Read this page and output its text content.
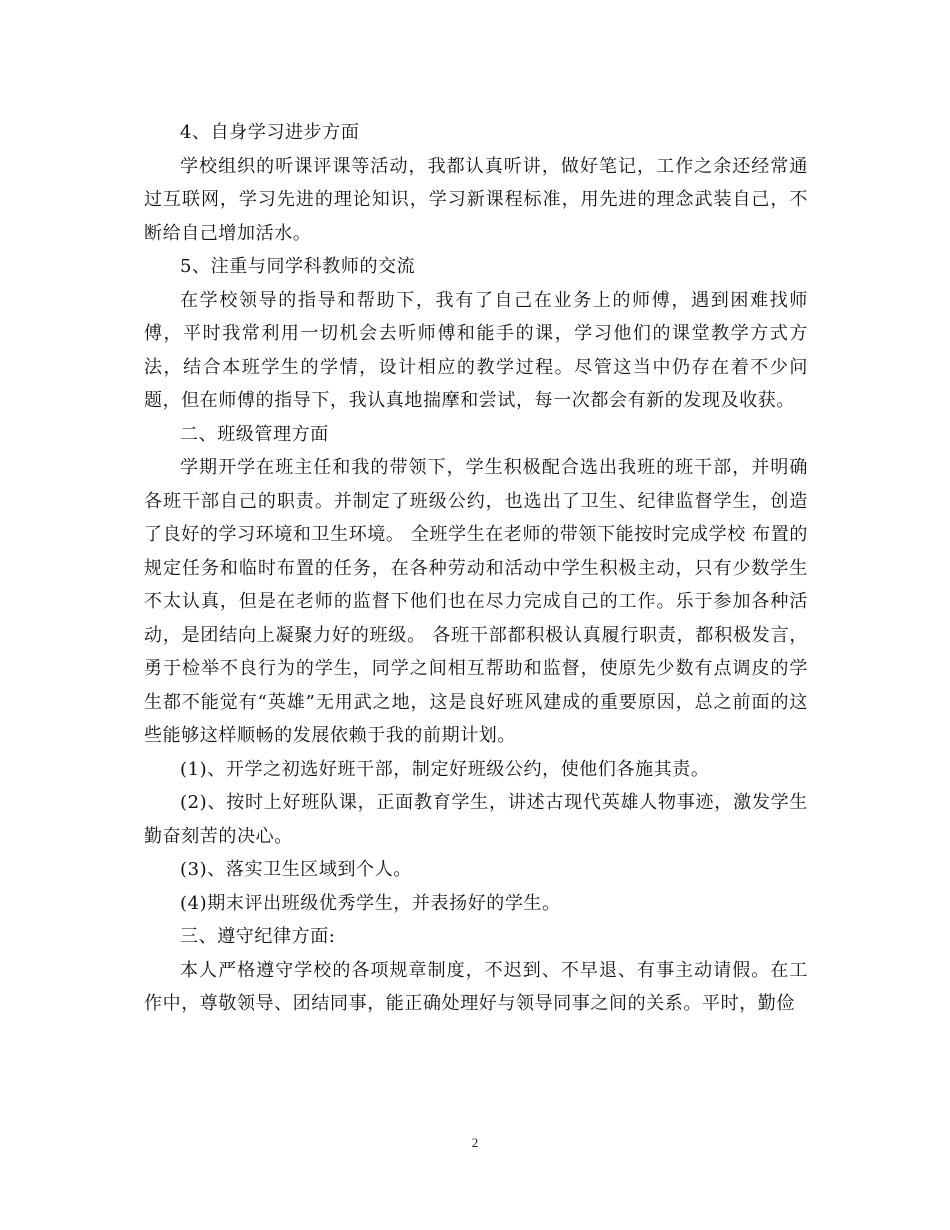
4、自身学习进步方面

学校组织的听课评课等活动，我都认真听讲，做好笔记，工作之余还经常通过互联网，学习先进的理论知识，学习新课程标准，用先进的理念武装自己，不断给自己增加活水。

5、注重与同学科教师的交流

在学校领导的指导和帮助下，我有了自己在业务上的师傅，遇到困难找师傅，平时我常利用一切机会去听师傅和能手的课，学习他们的课堂教学方式方法，结合本班学生的学情，设计相应的教学过程。尽管这当中仍存在着不少问题，但在师傅的指导下，我认真地揣摩和尝试，每一次都会有新的发现及收获。

二、班级管理方面

学期开学在班主任和我的带领下，学生积极配合选出我班的班干部，并明确各班干部自己的职责。并制定了班级公约，也选出了卫生、纪律监督学生，创造了良好的学习环境和卫生环境。 全班学生在老师的带领下能按时完成学校 布置的规定任务和临时布置的任务，在各种劳动和活动中学生积极主动，只有少数学生不太认真，但是在老师的监督下他们也在尽力完成自己的工作。乐于参加各种活动，是团结向上凝聚力好的班级。 各班干部都积极认真履行职责，都积极发言，勇于检举不良行为的学生，同学之间相互帮助和监督，使原先少数有点调皮的学生都不能觉有“英雄”无用武之地，这是良好班风建成的重要原因，总之前面的这些能够这样顺畅的发展依赖于我的前期计划。

(1)、开学之初选好班干部，制定好班级公约，使他们各施其责。

(2)、按时上好班队课，正面教育学生，讲述古现代英雄人物事迹，激发学生勤奋刻苦的决心。

(3)、落实卫生区域到个人。

(4)期末评出班级优秀学生，并表扬好的学生。

三、遵守纪律方面:

本人严格遵守学校的各项规章制度，不迟到、不早退、有事主动请假。在工作中，尊敬领导、团结同事，能正确处理好与领导同事之间的关系。平时，勤俭

2
